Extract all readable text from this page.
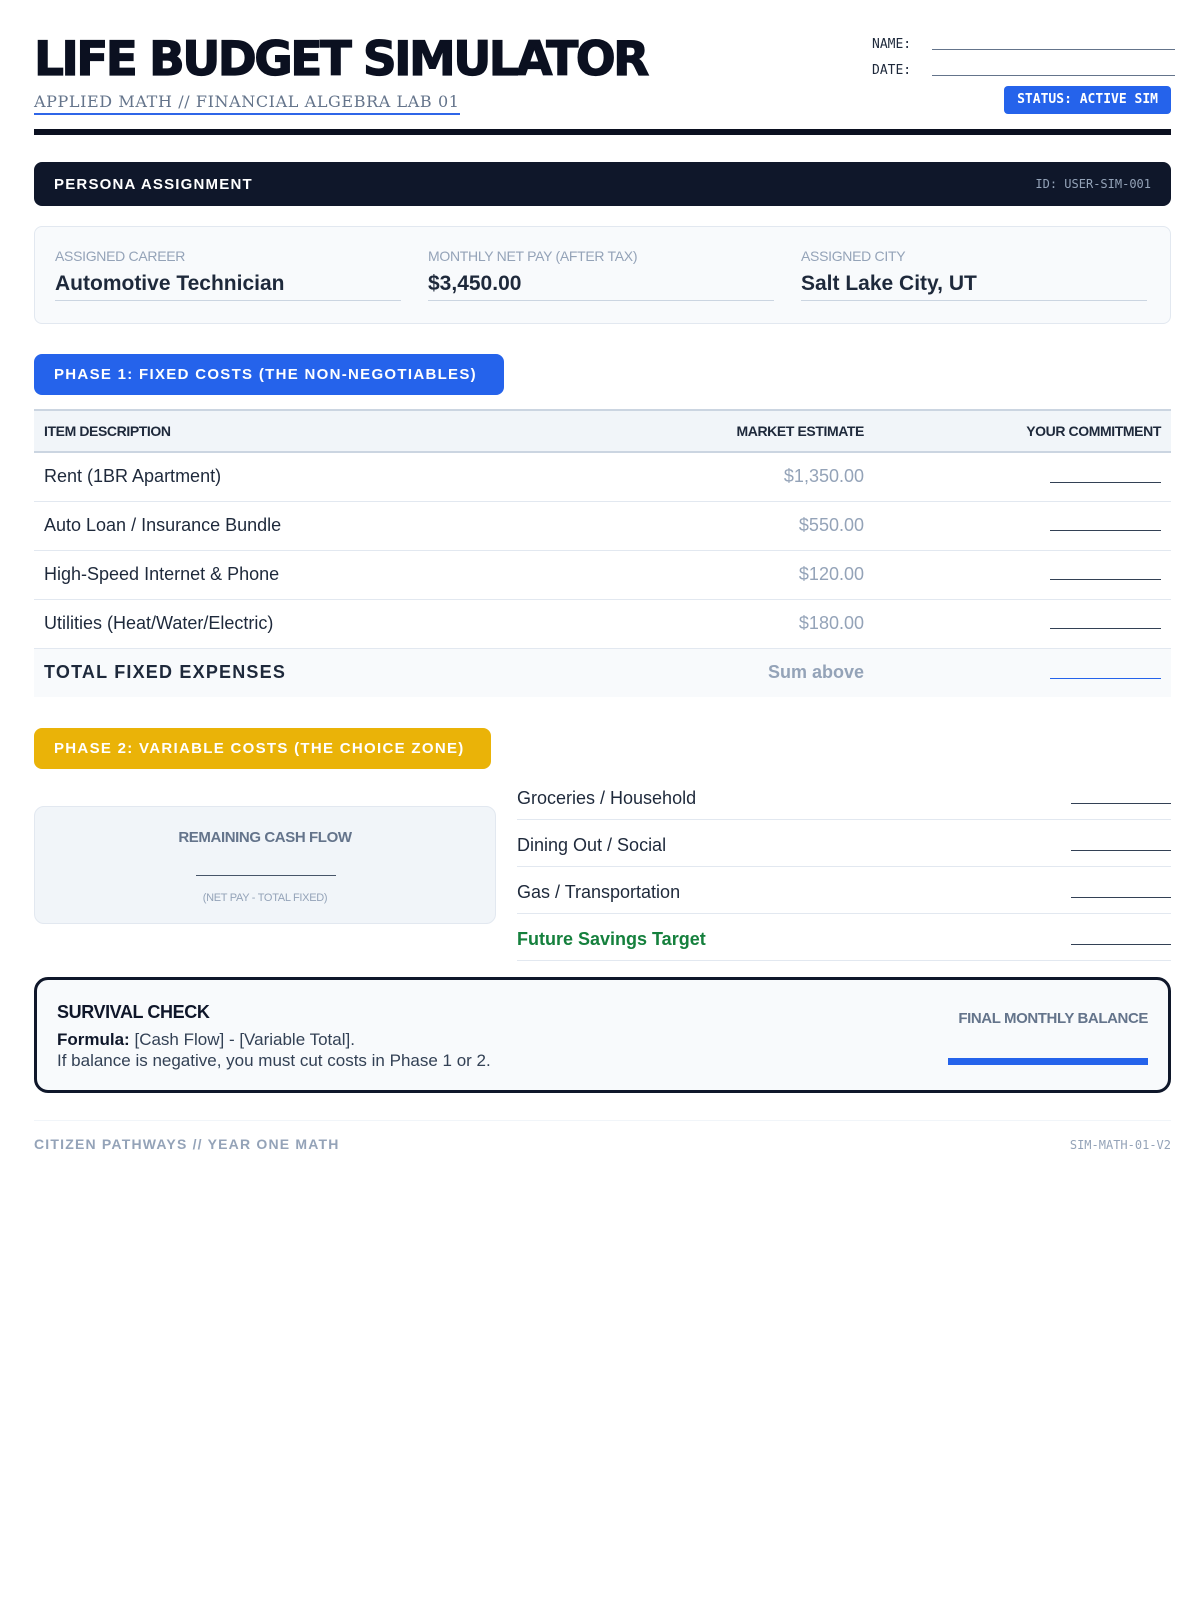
LIFE BUDGET SIMULATOR
APPLIED MATH // FINANCIAL ALGEBRA LAB 01
NAME:
DATE:
STATUS: ACTIVE SIM
PERSONA ASSIGNMENT	ID: USER-SIM-001
ASSIGNED CAREER
Automotive Technician
MONTHLY NET PAY (AFTER TAX)
$3,450.00
ASSIGNED CITY
Salt Lake City, UT
PHASE 1: FIXED COSTS (THE NON-NEGOTIABLES)
ITEM DESCRIPTION	MARKET ESTIMATE	YOUR COMMITMENT
Rent (1BR Apartment)	$1,350.00	
Auto Loan / Insurance Bundle	$550.00	
High-Speed Internet & Phone	$120.00	
Utilities (Heat/Water/Electric)	$180.00	
TOTAL FIXED EXPENSES	Sum above	
PHASE 2: VARIABLE COSTS (THE CHOICE ZONE)
REMAINING CASH FLOW
(NET PAY - TOTAL FIXED)
Groceries / Household
Dining Out / Social
Gas / Transportation
Future Savings Target
SURVIVAL CHECK
Formula: [Cash Flow] - [Variable Total].
If balance is negative, you must cut costs in Phase 1 or 2.
FINAL MONTHLY BALANCE
CITIZEN PATHWAYS // YEAR ONE MATH	SIM-MATH-01-V2
